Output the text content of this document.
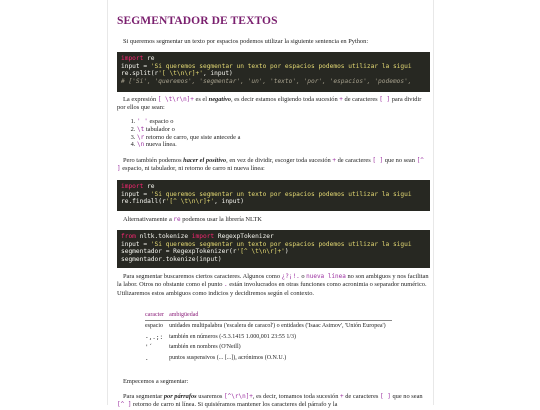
SEGMENTADOR DE TEXTOS

Si queremos segmentar un texto por espacios podemos utilizar la siguiente sentencia en Python:

import re
input = 'Si queremos segmentar un texto por espacios podemos utilizar la sigui
re.split(r'[ \t\n\r]+', input)
# ['Si', 'queremos', 'segmentar', 'un', 'texto', 'por', 'espacios', 'podemos',

La expresión [ \t\r\n]+ es el negativo, es decir estamos eligiendo toda sucesión + de caracteres [ ] para dividir por ellos que sean:

1. ' ' espacio o
2. \t tabulador o
3. \r retorno de carro, que siste antecede a
4. \n nueva línea.

Pero también podemos hacer el positivo, en vez de dividir, escoger toda sucesión + de caracteres [ ] que no sean [^ ] espacio, ni tabulador, ni retorno de carro ni nueva línea:

import re
input = 'Si queremos segmentar un texto por espacios podemos utilizar la sigui
re.findall(r'[^ \t\n\r]+', input)

Alternativamente a re podemos usar la librería NLTK

from nltk.tokenize import RegexpTokenizer
input = 'Si queremos segmentar un texto por espacios podemos utilizar la sigui
segmentador = RegexpTokenizer(r'[^ \t\n\r]+')
segmentador.tokenize(input)

Para segmentar buscaremos ciertos caracteres. Algunos como ¿?¡!. o nueva línea no son ambiguos y nos facilitan la labor. Otros no obstante como el punto . están involucrados en otras funciones como acronimia o separador numérico. Utilizaremos estos ambiguos como indicios y decidiremos según el contexto.

caracter	ambigüedad
espacio	unidades multipalabra ('escalera de caracol') o entidades ('Isaac Asimov', 'Unión Europea')
-,.;:	también en números (-5.3.1415 1.000,001 23:55 1/3)
'´	también en nombres (O'Neill)
.	puntos suspensivos (... [...]), acrónimos (O.N.U.)

Empecemos a segmentar:

Para segmentar por párrafos usaremos [^\r\n]+, es decir, tomamos toda sucesión + de caracteres [ ] que no sean [^ ] retorno de carro ni línea. Si quisiéramos mantener los caracteres del párrafo y la
